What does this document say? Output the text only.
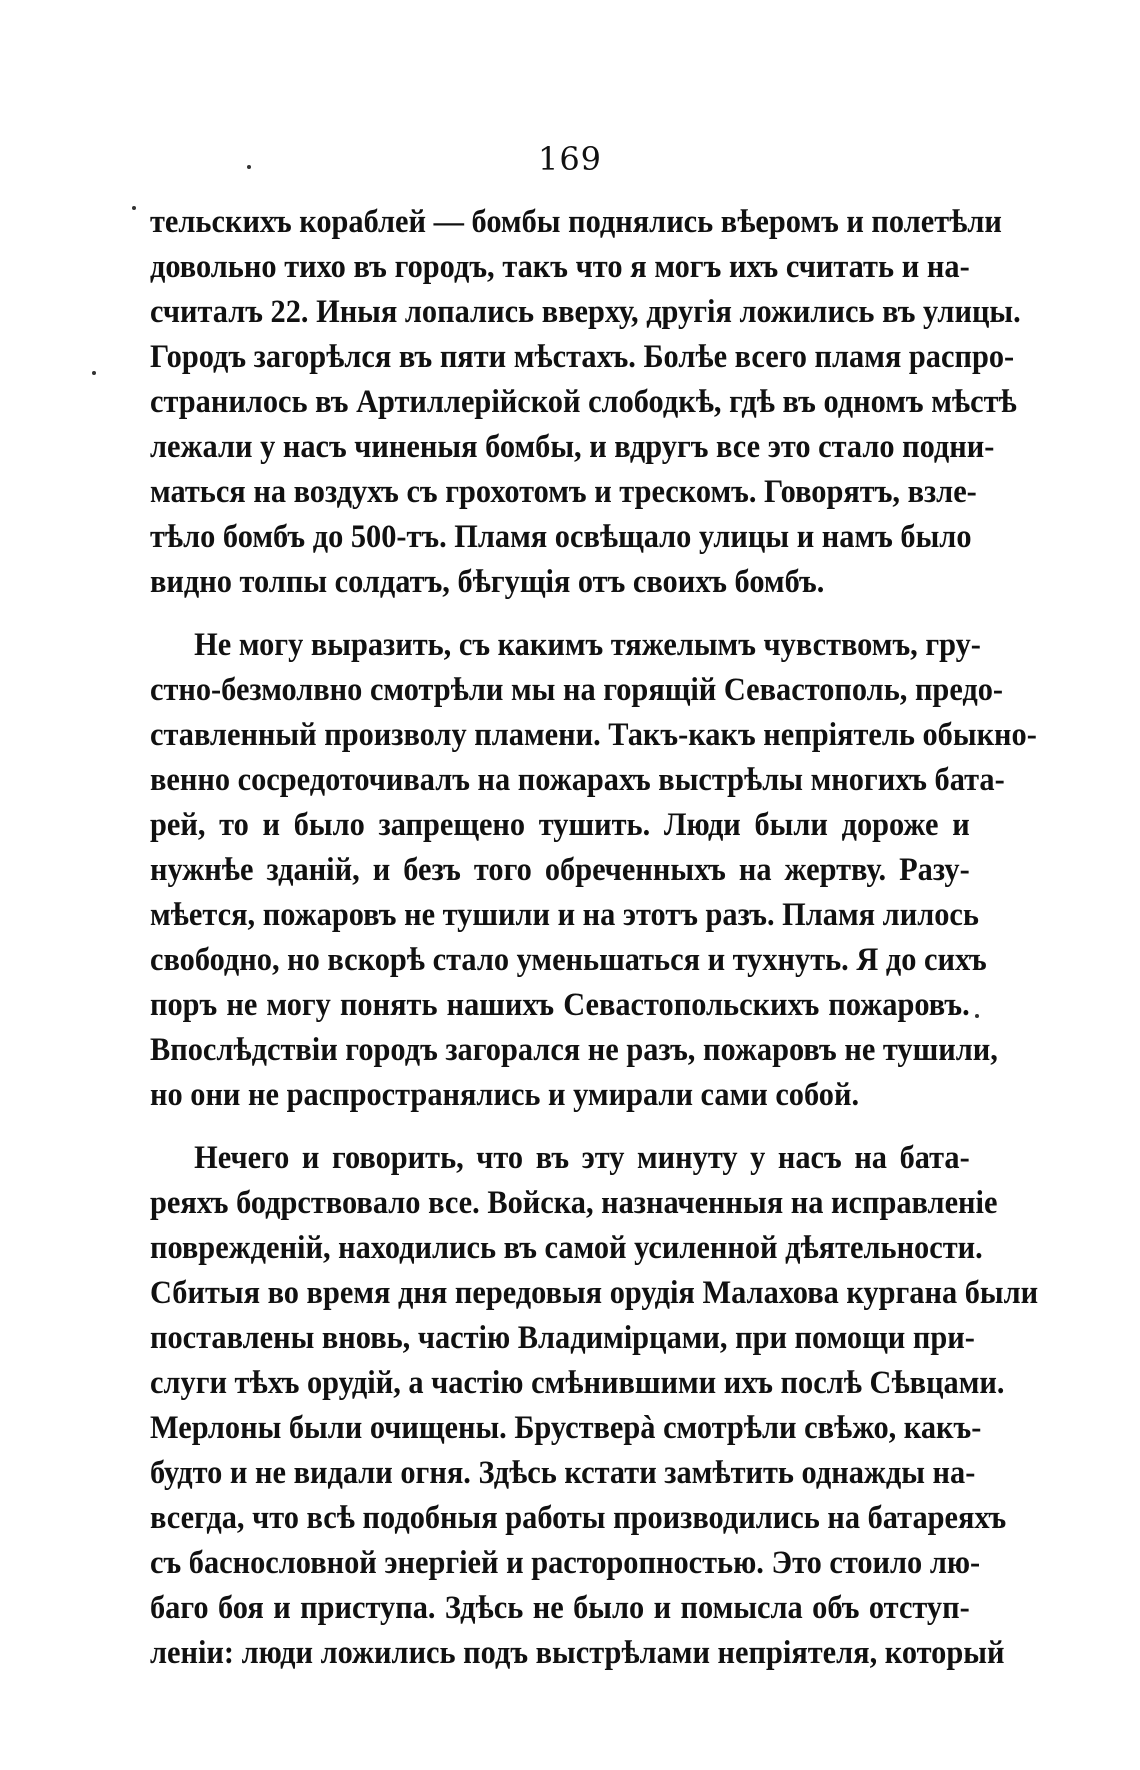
169
тельскихъ кораблей — бомбы поднялись вѣеромъ и полетѣли
довольно тихо въ городъ, такъ что я могъ ихъ считать и на-
считалъ 22. Иныя лопались вверху, другія ложились въ улицы.
Городъ загорѣлся въ пяти мѣстахъ. Болѣе всего пламя распро-
странилось въ Артиллерійской слободкѣ, гдѣ въ одномъ мѣстѣ
лежали у насъ чиненыя бомбы, и вдругъ все это стало подни-
маться на воздухъ съ грохотомъ и трескомъ. Говорятъ, взле-
тѣло бомбъ до 500-тъ. Пламя освѣщало улицы и намъ было
видно толпы солдатъ, бѣгущія отъ своихъ бомбъ.
Не могу выразить, съ какимъ тяжелымъ чувствомъ, гру-
стно-безмолвно смотрѣли мы на горящій Севастополь, предо-
ставленный произволу пламени. Такъ-какъ непріятель обыкно-
венно сосредоточивалъ на пожарахъ выстрѣлы многихъ бата-
рей, то и было запрещено тушить. Люди были дороже и
нужнѣе зданій, и безъ того обреченныхъ на жертву. Разу-
мѣется, пожаровъ не тушили и на этотъ разъ. Пламя лилось
свободно, но вскорѣ стало уменьшаться и тухнуть. Я до сихъ
поръ не могу понять нашихъ Севастопольскихъ пожаровъ.
Впослѣдствіи городъ загорался не разъ, пожаровъ не тушили,
но они не распространялись и умирали сами собой.
Нечего и говорить, что въ эту минуту у насъ на бата-
реяхъ бодрствовало все. Войска, назначенныя на исправленіе
поврежденій, находились въ самой усиленной дѣятельности.
Сбитыя во время дня передовыя орудія Малахова кургана были
поставлены вновь, частію Владимірцами, при помощи при-
слуги тѣхъ орудій, а частію смѣнившими ихъ послѣ Сѣвцами.
Мерлоны были очищены. Брустверà смотрѣли свѣжо, какъ-
будто и не видали огня. Здѣсь кстати замѣтить однажды на-
всегда, что всѣ подобныя работы производились на батареяхъ
съ баснословной энергіей и расторопностью. Это стоило лю-
баго боя и приступа. Здѣсь не было и помысла объ отступ-
леніи: люди ложились подъ выстрѣлами непріятеля, который
